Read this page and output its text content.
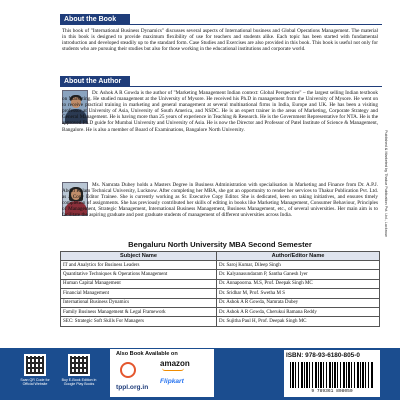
About the Book
This book of "International Business Dynamics" discusses several aspects of International business and Global Operations Management. The material in this book is designed to provide maximum flexibility of use for teachers and students alike. Each topic has been started with fundamental introduction and developed steadily up to the standard form. Case Studies and Exercises are also provided in this book. This book is useful not only for students who are pursuing their studies but also for those working in the educational institutions and corporate world.
About the Author
Dr. Ashok A R Gowda is the author of "Marketing Management Indian context: Global Perspective" – the largest selling Indian textbook on Marketing. He studied management at the University of Mysore. He received his Ph.D in management from the University of Mysore. He went on to receive practical training in marketing and general management at several multinational firms in India, Europe and UK. He has been a visiting professor at University of Asia, University of South America, and NSDC. He is an expert trainer in the areas of Marketing, Corporate Strategy and General Management. He is having more than 25 years of experience in Teaching & Research. He is the Government Representative for NTA. He is the approved Ph.D guide for Mumbai University and University of Asia. He is now the Director and Professor of Patel Institute of Science & Management, Bangalore. He is also a member of Board of Examinations, Bangalore North University.
Ms. Namrata Dubey holds a Masters Degree in Business Administration with specialisation in Marketing and Finance from Dr. A.P.J. Abdul Kalam Technical University, Lucknow. After completing her MBA, she got an opportunity to render her services to Thakur Publication Pvt. Ltd. as a Copy Editor Trainee. She is currently working as Sr. Executive Copy Editor. She is dedicated, keen on taking initiatives, and ensures timely completion of assignments. She has previously contributed her skills of editing in books like Marketing Management, Consumer Behaviour, Principles of Management, Strategic Management, International Business Management, Business Management, etc., of several universities. Her main aim is to facilitate the aspiring graduate and post graduate students of management of different universities across India.
Bengaluru North University MBA Second Semester
Subject Name	Author/Editor Name
IT and Analytics for Business Leaders	Dr. Saroj Kumar, Dileep Singh
Quantitative Techniques & Operations Management	Dr. Kalyanasundaram P, Santha Ganesh Iyer
Human Capital Management	Dr. Annapoorna. M.S, Prof. Deepak Singh MC
Financial Management	Dr. Sridhar M, Prof. Swetha M S
International Business Dynamics	Dr. Ashok A R Gowda, Namrata Dubey
Family Business Management & Legal Framework	Dr. Ashok A R Gowda, Cherukui Ramana Reddy
SEC: Strategic Soft Skills For Managers	Dr. Sujitha Paul H, Prof. Deepak Singh MC
Published & Marketed by Thakur Publication Pvt. Ltd., Lucknow
Scan QR Code for Official Website
Buy E-Book Edition in Google Play Books
Also Book Available on
tppl.org.in
amazon
Flipkart
ISBN: 978-93-6180-805-0
9 789361 808050
